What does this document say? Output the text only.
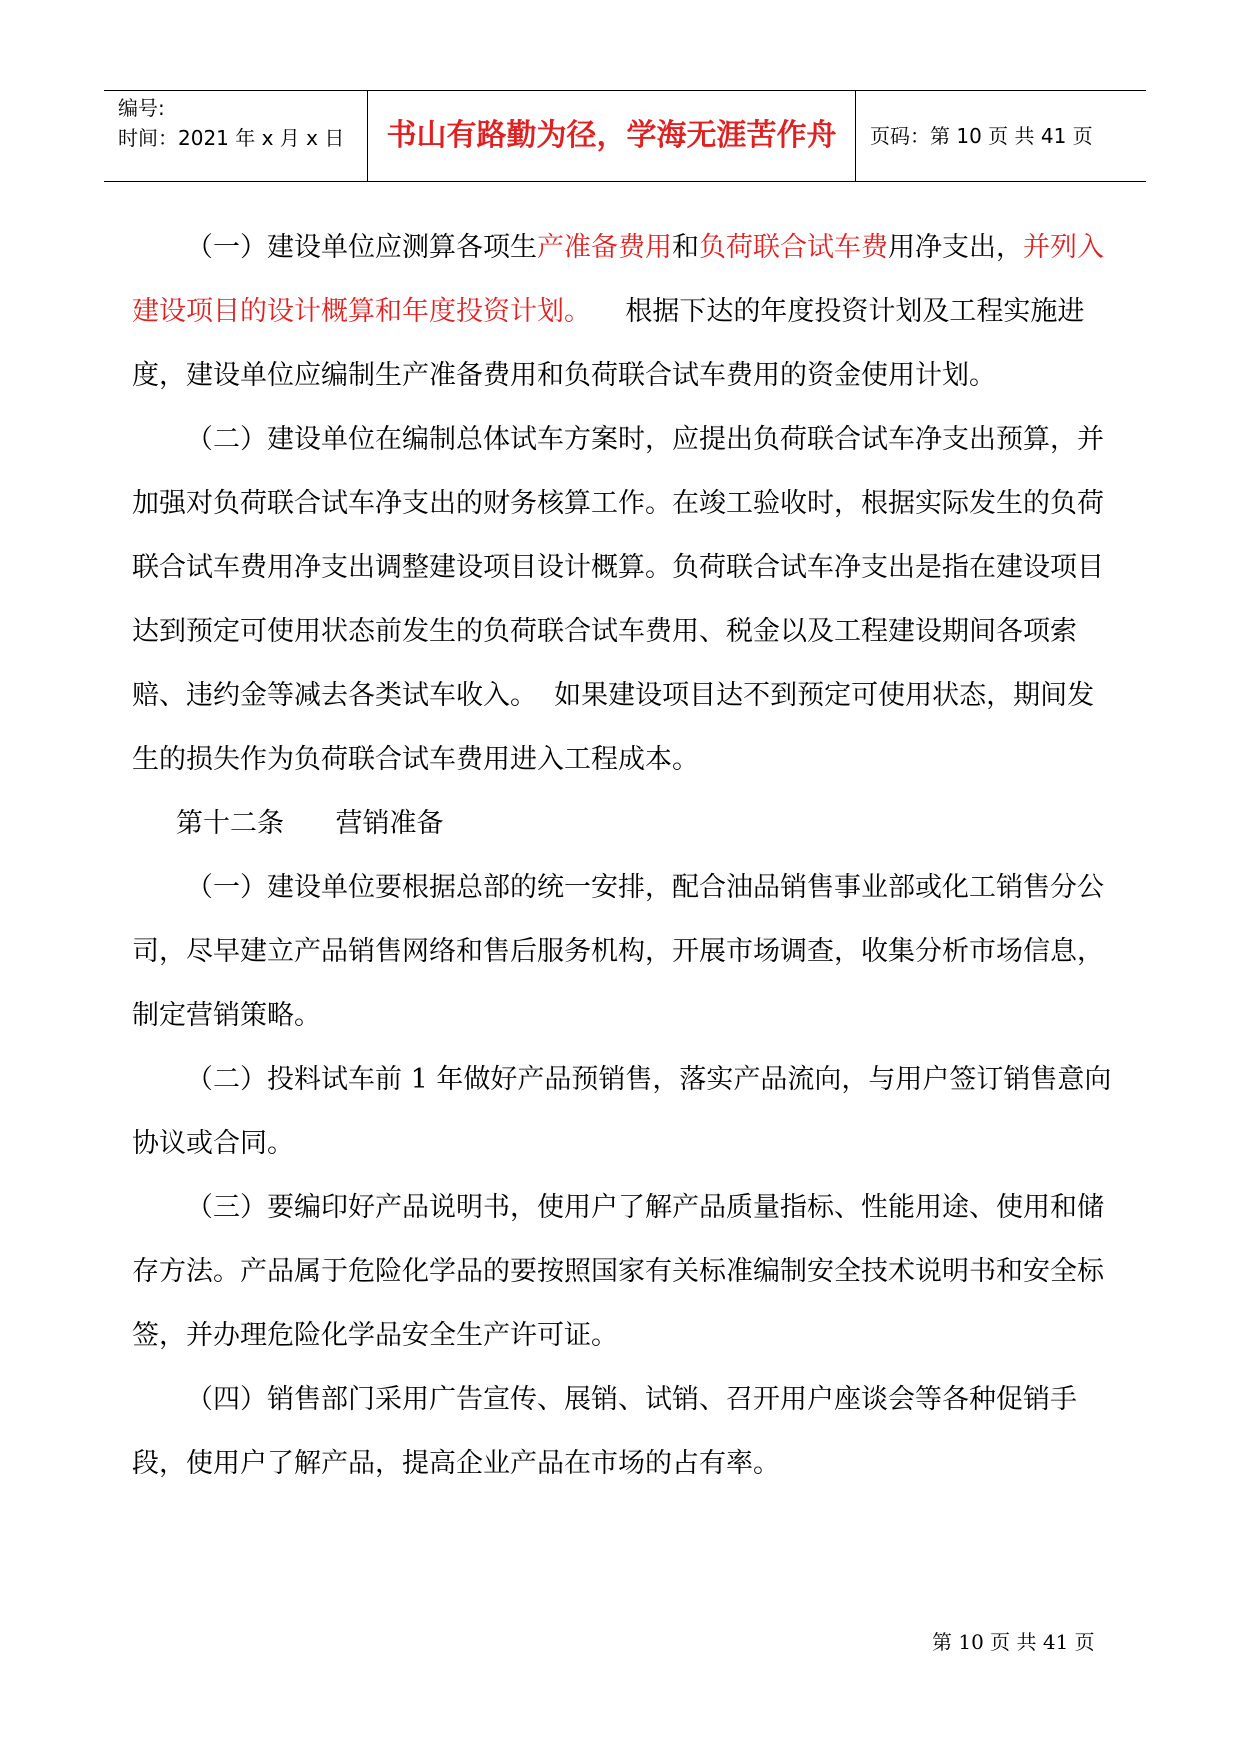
编号:
时间：2021 年 x 月 x 日	书山有路勤为径，学海无涯苦作舟	页码：第 10 页 共 41 页

（一）建设单位应测算各项生产准备费用和负荷联合试车费用净支出，并列入建设项目的设计概算和年度投资计划。    根据下达的年度投资计划及工程实施进度，建设单位应编制生产准备费用和负荷联合试车费用的资金使用计划。

（二）建设单位在编制总体试车方案时，应提出负荷联合试车净支出预算，并加强对负荷联合试车净支出的财务核算工作。在竣工验收时，根据实际发生的负荷联合试车费用净支出调整建设项目设计概算。负荷联合试车净支出是指在建设项目达到预定可使用状态前发生的负荷联合试车费用、税金以及工程建设期间各项索赔、违约金等减去各类试车收入。  如果建设项目达不到预定可使用状态，期间发生的损失作为负荷联合试车费用进入工程成本。

第十二条      营销准备

（一）建设单位要根据总部的统一安排，配合油品销售事业部或化工销售分公司，尽早建立产品销售网络和售后服务机构，开展市场调查，收集分析市场信息，制定营销策略。

（二）投料试车前 1 年做好产品预销售，落实产品流向，与用户签订销售意向协议或合同。

（三）要编印好产品说明书，使用户了解产品质量指标、性能用途、使用和储存方法。产品属于危险化学品的要按照国家有关标准编制安全技术说明书和安全标签，并办理危险化学品安全生产许可证。

（四）销售部门采用广告宣传、展销、试销、召开用户座谈会等各种促销手段，使用户了解产品，提高企业产品在市场的占有率。

第 10 页 共 41 页
